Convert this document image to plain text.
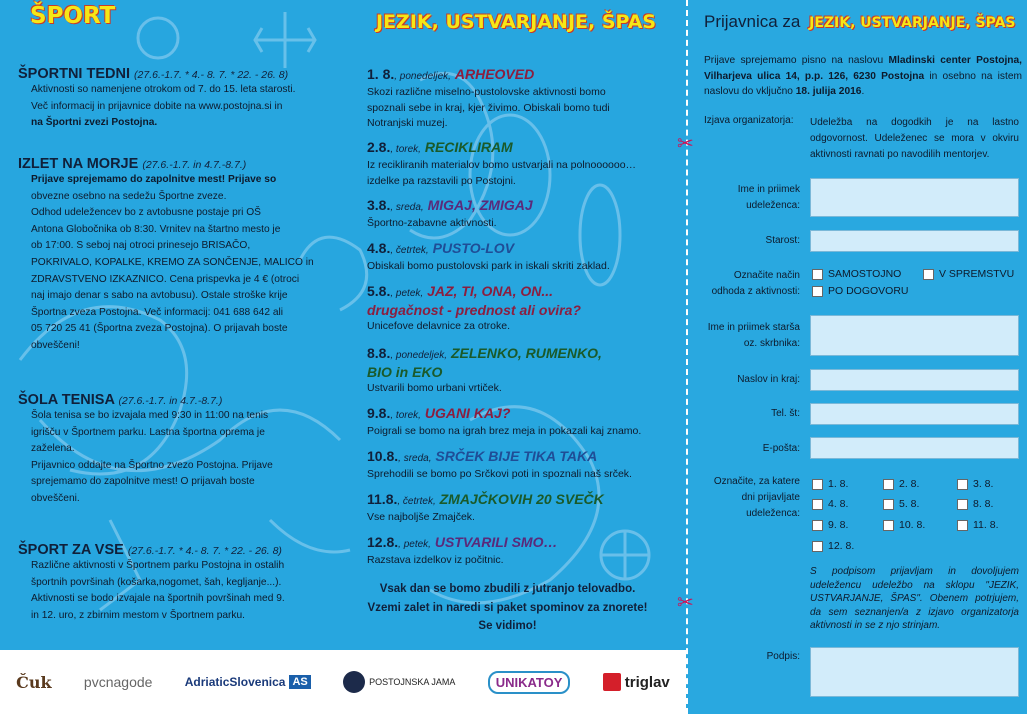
ŠPORT
ŠPORTNI TEDNI (27.6.-1.7. * 4.- 8. 7. * 22. - 26. 8)

Aktivnosti so namenjene otrokom od 7. do 15. leta starosti.
Več informacij in prijavnice dobite na www.postojna.si in
na Športni zvezi Postojna.

IZLET NA MORJE (27.6.-1.7. in 4.7.-8.7.)

Prijave sprejemamo do zapolnitve mest! Prijave so
obvezne osebno na sedežu Športne zveze.
Odhod udeležencev bo z avtobusne postaje pri OŠ
Antona Globočnika ob 8:30. Vrnitev na štartno mesto je
ob 17:00. S seboj naj otroci prinesejo BRISAČO,
POKRIVALO, KOPALKE, KREMO ZA SONČENJE, MALICO in
ZDRAVSTVENO IZKAZNICO. Cena prispevka je 4 € (otroci
naj imajo denar s sabo na avtobusu). Ostale stroške krije
Športna zveza Postojna. Več informacij: 041 688 642 ali
05 720 25 41 (Športna zveza Postojna). O prijavah boste
obveščeni!

ŠOLA TENISA (27.6.-1.7. in 4.7.-8.7.)

Šola tenisa se bo izvajala med 9:30 in 11:00 na tenis
igrišču v Športnem parku. Lastna športna oprema je
zaželena.
Prijavnico oddajte na Športno zvezo Postojna. Prijave
sprejemamo do zapolnitve mest! O prijavah boste
obveščeni.

ŠPORT ZA VSE (27.6.-1.7. * 4.- 8. 7. * 22. - 26. 8)

Različne aktivnosti v Športnem parku Postojna in ostalih
športnih površinah (košarka,nogomet, šah, kegljanje...).
Aktivnosti se bodo izvajale na športnih površinah med 9.
in 12. uro, z zbirnim mestom v Športnem parku.

JEZIK, USTVARJANJE, ŠPAS
1. 8., ponedeljek, ARHEOVED

Skozi različne miselno-pustolovske aktivnosti bomo
spoznali sebe in kraj, kjer živimo. Obiskali bomo tudi
Notranjski muzej.

2.8., torek, RECIKLIRAM

Iz recikliranih materialov bomo ustvarjali na polnoooooo…
izdelke pa razstavili po Postojni.

3.8., sreda, MIGAJ, ZMIGAJ

Športno-zabavne aktivnosti.

4.8., četrtek, PUSTO-LOV

Obiskali bomo pustolovski park in iskali skriti zaklad.

5.8., petek, JAZ, TI, ONA, ON...
drugačnost - prednost ali ovira?

Unicefove delavnice za otroke.

8.8., ponedeljek, ZELENKO, RUMENKO,
BIO in EKO

Ustvarili bomo urbani vrtiček.

9.8., torek, UGANI KAJ?

Poigrali se bomo na igrah brez meja in pokazali kaj znamo.

10.8., sreda, SRČEK BIJE TIKA TAKA

Sprehodili se bomo po Srčkovi poti in spoznali naš srček.

11.8., četrtek, ZMAJČKOVIH 20 SVEČK

Vse najboljše Zmajček.

12.8., petek, USTVARILI SMO…

Razstava izdelkov iz počitnic.

Vsak dan se bomo zbudili z jutranjo telovadbo.
Vzemi zalet in naredi si paket spominov za znorete!
Se vidimo!
✂
✂
Prijavnica za JEZIK, USTVARJANJE, ŠPAS
Prijave sprejemamo pisno na naslovu Mladinski center Postojna, Vilharjeva ulica 14, p.p. 126, 6230 Postojna in osebno na istem naslovu do vključno 18. julija 2016.
Izjava organizatorja: Udeležba na dogodkih je na lastno odgovornost. Udeleženec se mora v okviru aktivnosti ravnati po navodilih mentorjev.
Ime in priimek
udeleženca:
Starost:
Označite način
odhoda z aktivnosti:
SAMOSTOJNO	V SPREMSTVU
PO DOGOVORU
Ime in priimek starša
oz. skrbnika:
Naslov in kraj:
Tel. št:
E-pošta:
Označite, za katere
dni prijavljate
udeleženca:
1. 8.	2. 8.	3. 8.
4. 8.	5. 8.	8. 8.
9. 8.	10. 8.	11. 8.
12. 8.
S podpisom prijavljam in dovoljujem udeležencu udeležbo na sklopu "JEZIK, USTVARJANJE, ŠPAS". Obenem potrjujem, da sem seznanjen/a z izjavo organizatorja aktivnosti in se z njo strinjam.
Podpis:
Čuk pvcnagode	AdriaticSlovenica AS	POSTOJNSKA JAMA	UNIKATOY	triglav
